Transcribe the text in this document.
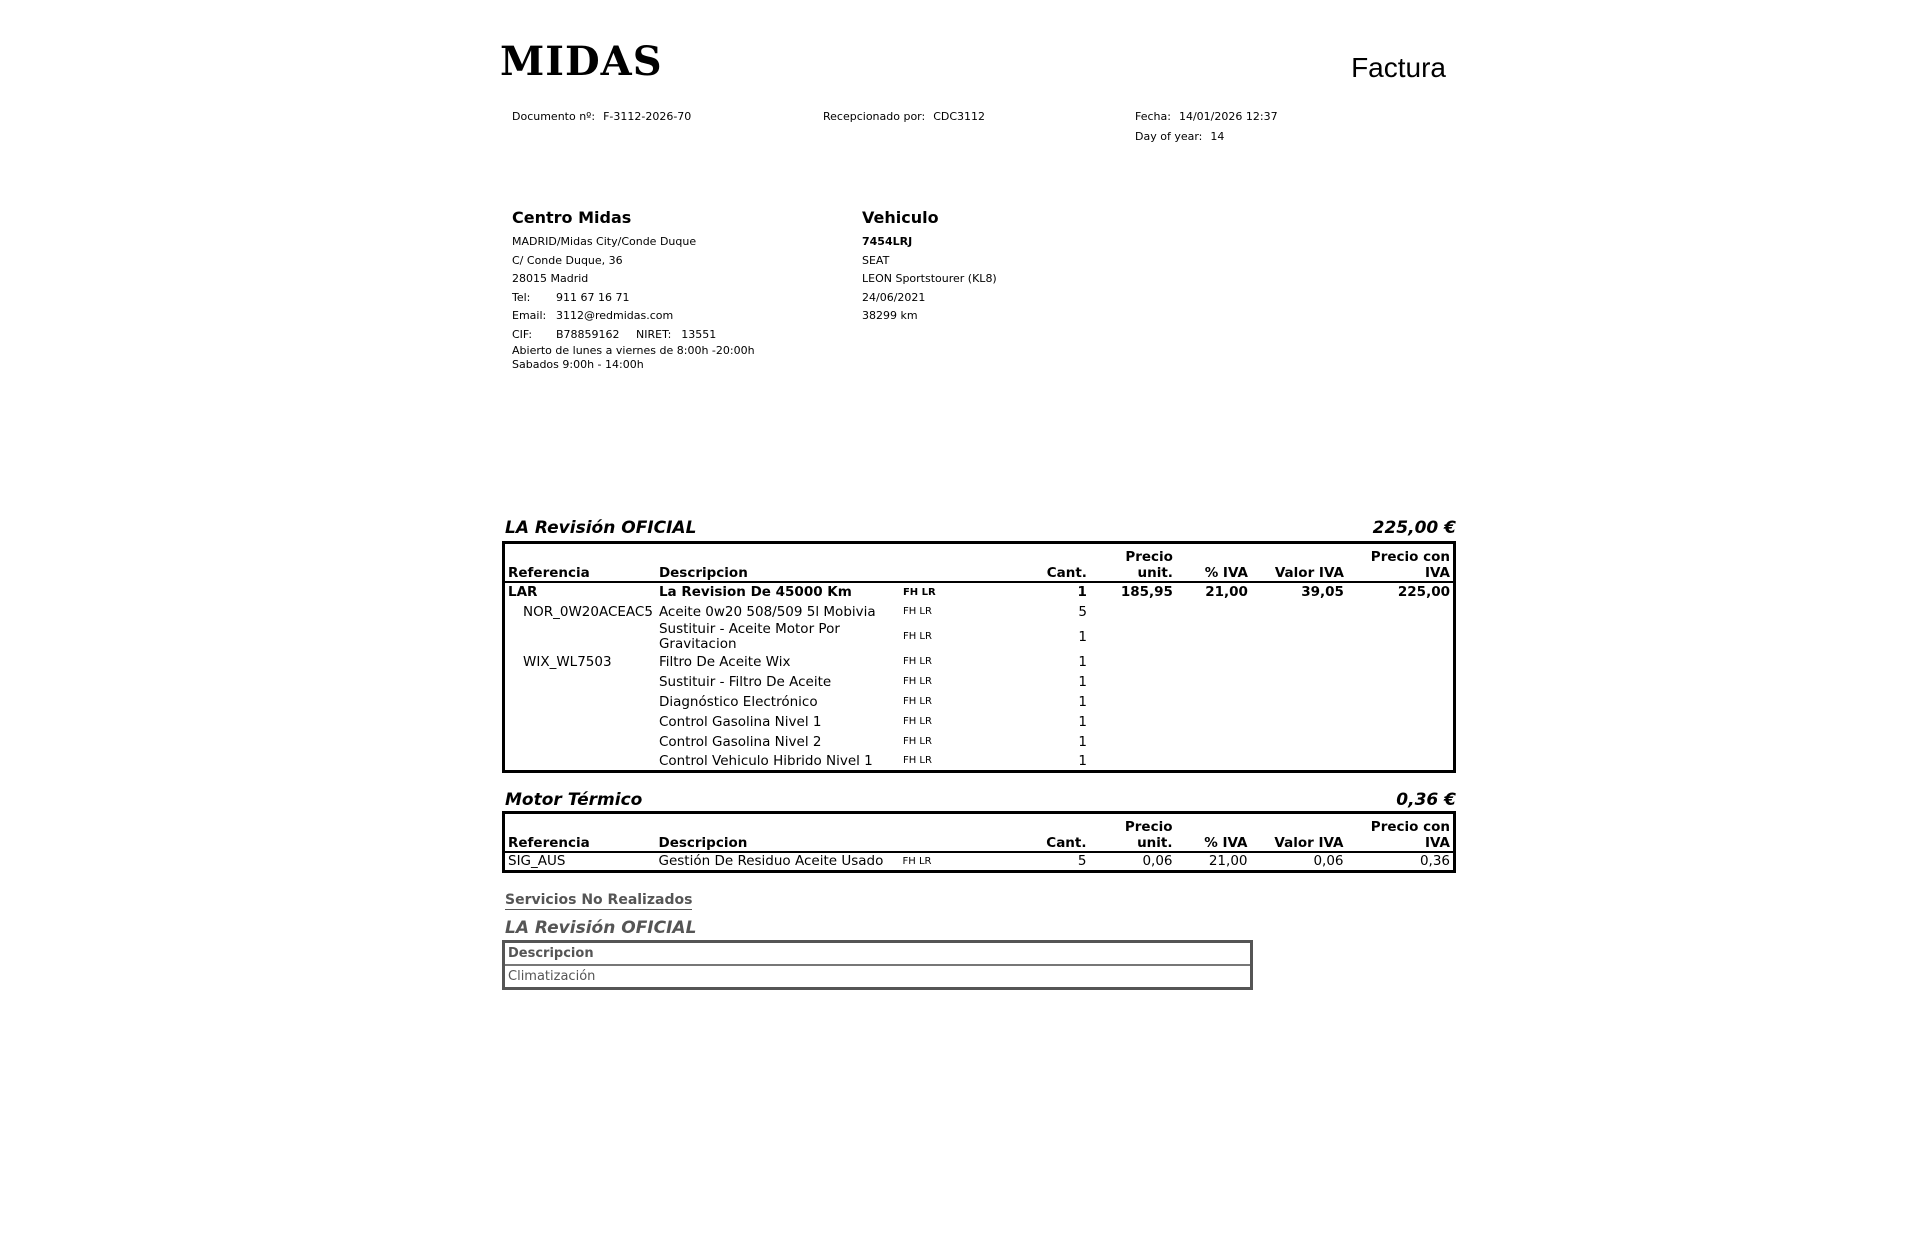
MIDAS	Factura
Documento nº: F-3112-2026-70	Recepcionado por: CDC3112	Fecha: 14/01/2026 12:37
Day of year: 14
Centro Midas
MADRID/Midas City/Conde Duque
C/ Conde Duque, 36
28015 Madrid
Tel: 911 67 16 71
Email: 3112@redmidas.com
CIF: B78859162 NIRET: 13551
Abierto de lunes a viernes de 8:00h -20:00h
Sabados 9:00h - 14:00h
Vehiculo
7454LRJ
SEAT
LEON Sportstourer (KL8)
24/06/2021
38299 km
LA Revisión OFICIAL	225,00 €
Referencia	Descripcion		Cant.	Precio unit.	% IVA	Valor IVA	Precio con
IVA
LAR	La Revision De 45000 Km	FH LR	1	185,95	21,00	39,05	225,00
NOR_0W20ACEAC5	Aceite 0w20 508/509 5l Mobivia	FH LR	5				
	Sustituir - Aceite Motor Por
Gravitacion	FH LR	1				
WIX_WL7503	Filtro De Aceite Wix	FH LR	1				
	Sustituir - Filtro De Aceite	FH LR	1				
	Diagnóstico Electrónico	FH LR	1				
	Control Gasolina Nivel 1	FH LR	1				
	Control Gasolina Nivel 2	FH LR	1				
	Control Vehiculo Hibrido Nivel 1	FH LR	1				
Motor Térmico	0,36 €
Referencia	Descripcion		Cant.	Precio unit.	% IVA	Valor IVA	Precio con
IVA
SIG_AUS	Gestión De Residuo Aceite Usado	FH LR	5	0,06	21,00	0,06	0,36
Servicios No Realizados
LA Revisión OFICIAL
Descripcion
Climatización
